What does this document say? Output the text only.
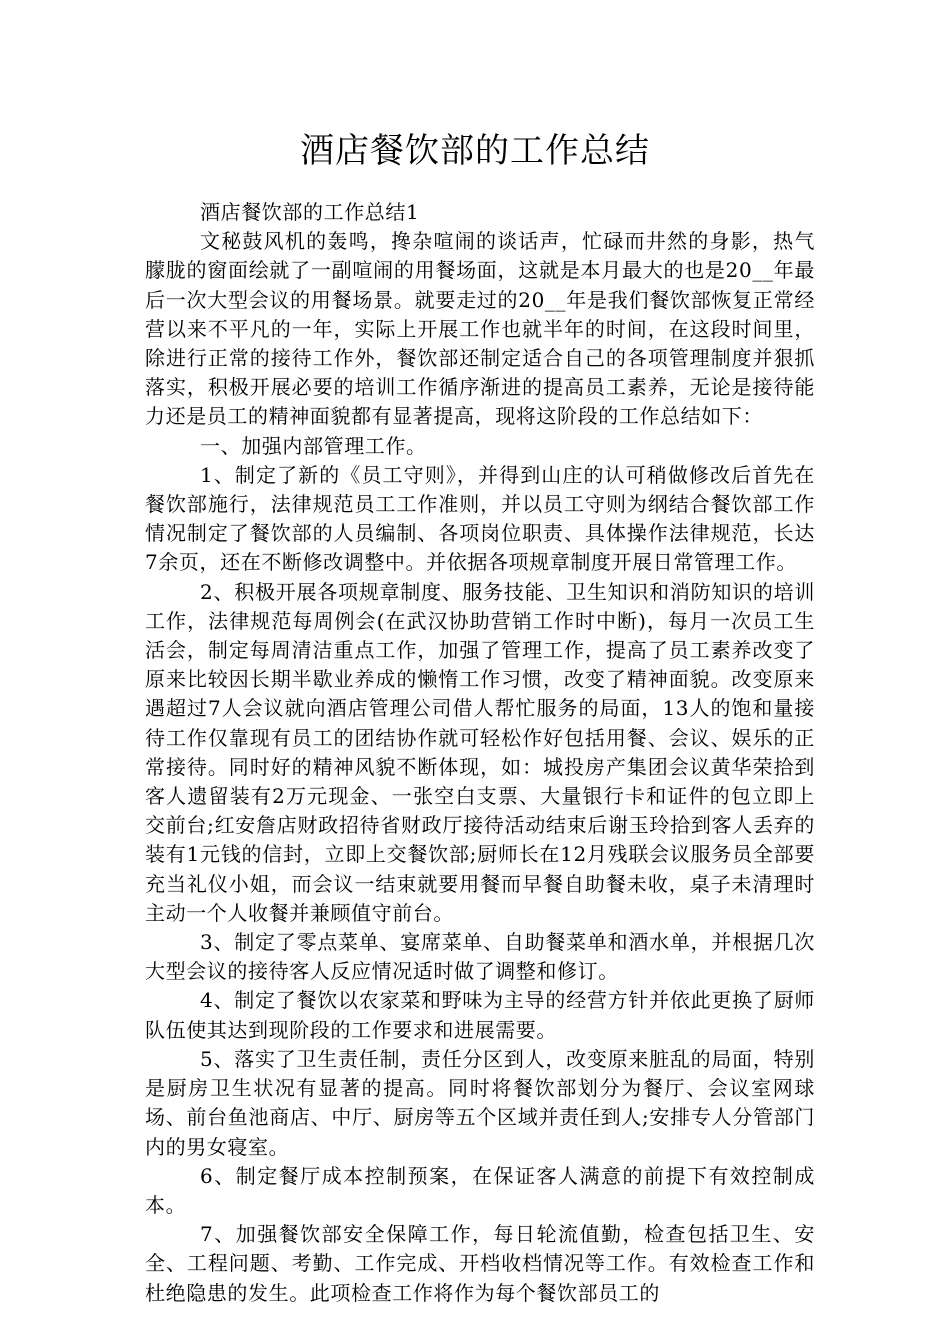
酒店餐饮部的工作总结

酒店餐饮部的工作总结1

文秘鼓风机的轰鸣，搀杂喧闹的谈话声，忙碌而井然的身影，热气朦胧的窗面绘就了一副喧闹的用餐场面，这就是本月最大的也是20__年最后一次大型会议的用餐场景。就要走过的20__年是我们餐饮部恢复正常经营以来不平凡的一年，实际上开展工作也就半年的时间，在这段时间里，除进行正常的接待工作外，餐饮部还制定适合自己的各项管理制度并狠抓落实，积极开展必要的培训工作循序渐进的提高员工素养，无论是接待能力还是员工的精神面貌都有显著提高，现将这阶段的工作总结如下：

一、加强内部管理工作。

1、制定了新的《员工守则》，并得到山庄的认可稍做修改后首先在餐饮部施行，法律规范员工工作准则，并以员工守则为纲结合餐饮部工作情况制定了餐饮部的人员编制、各项岗位职责、具体操作法律规范，长达7余页，还在不断修改调整中。并依据各项规章制度开展日常管理工作。

2、积极开展各项规章制度、服务技能、卫生知识和消防知识的培训工作，法律规范每周例会(在武汉协助营销工作时中断)，每月一次员工生活会，制定每周清洁重点工作，加强了管理工作，提高了员工素养改变了原来比较因长期半歇业养成的懒惰工作习惯，改变了精神面貌。改变原来遇超过7人会议就向酒店管理公司借人帮忙服务的局面，13人的饱和量接待工作仅靠现有员工的团结协作就可轻松作好包括用餐、会议、娱乐的正常接待。同时好的精神风貌不断体现，如：城投房产集团会议黄华荣拾到客人遗留装有2万元现金、一张空白支票、大量银行卡和证件的包立即上交前台;红安詹店财政招待省财政厅接待活动结束后谢玉玲拾到客人丢弃的装有1元钱的信封，立即上交餐饮部;厨师长在12月残联会议服务员全部要充当礼仪小姐，而会议一结束就要用餐而早餐自助餐未收，桌子未清理时主动一个人收餐并兼顾值守前台。

3、制定了零点菜单、宴席菜单、自助餐菜单和酒水单，并根据几次大型会议的接待客人反应情况适时做了调整和修订。

4、制定了餐饮以农家菜和野味为主导的经营方针并依此更换了厨师队伍使其达到现阶段的工作要求和进展需要。

5、落实了卫生责任制，责任分区到人，改变原来脏乱的局面，特别是厨房卫生状况有显著的提高。同时将餐饮部划分为餐厅、会议室网球场、前台鱼池商店、中厅、厨房等五个区域并责任到人;安排专人分管部门内的男女寝室。

6、制定餐厅成本控制预案，在保证客人满意的前提下有效控制成本。

7、加强餐饮部安全保障工作，每日轮流值勤，检查包括卫生、安全、工程问题、考勤、工作完成、开档收档情况等工作。有效检查工作和杜绝隐患的发生。此项检查工作将作为每个餐饮部员工的
